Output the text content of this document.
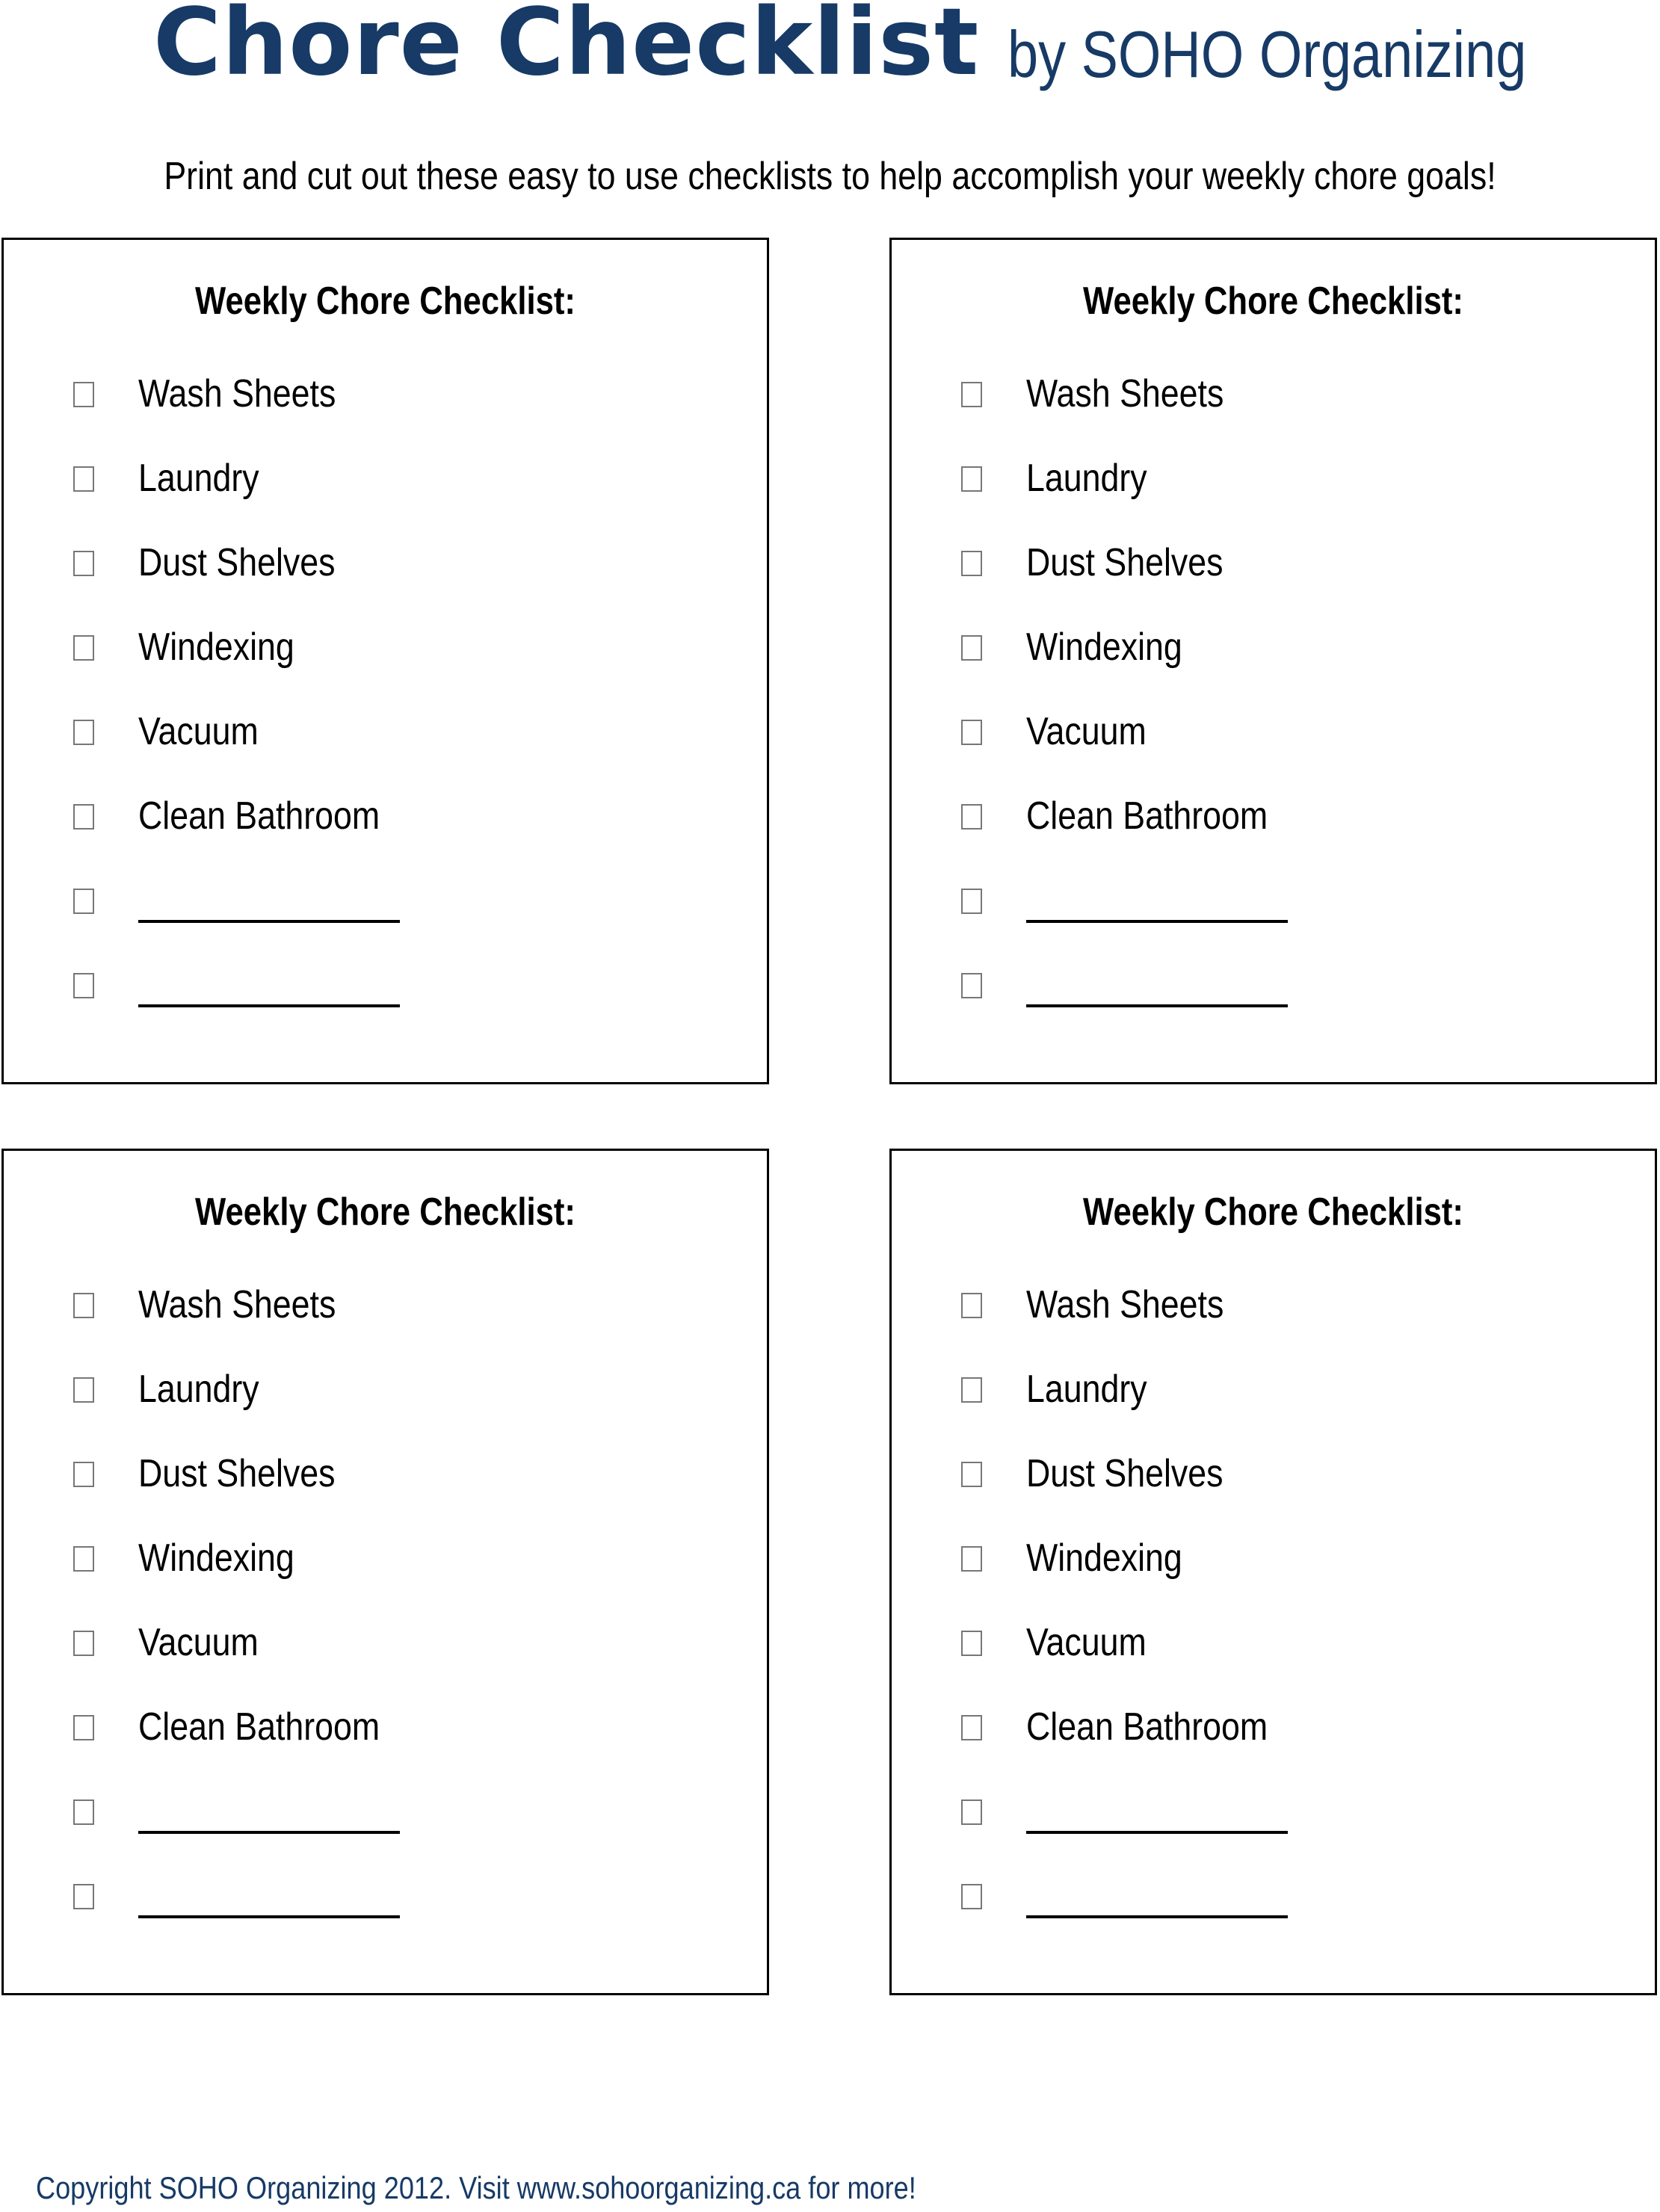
Chore Checklist by SOHO Organizing
Print and cut out these easy to use checklists to help accomplish your weekly chore goals!
Weekly Chore Checklist:
Wash Sheets
Laundry
Dust Shelves
Windexing
Vacuum
Clean Bathroom
Weekly Chore Checklist:
Wash Sheets
Laundry
Dust Shelves
Windexing
Vacuum
Clean Bathroom
Weekly Chore Checklist:
Wash Sheets
Laundry
Dust Shelves
Windexing
Vacuum
Clean Bathroom
Weekly Chore Checklist:
Wash Sheets
Laundry
Dust Shelves
Windexing
Vacuum
Clean Bathroom
Copyright SOHO Organizing 2012. Visit www.sohoorganizing.ca for more!
